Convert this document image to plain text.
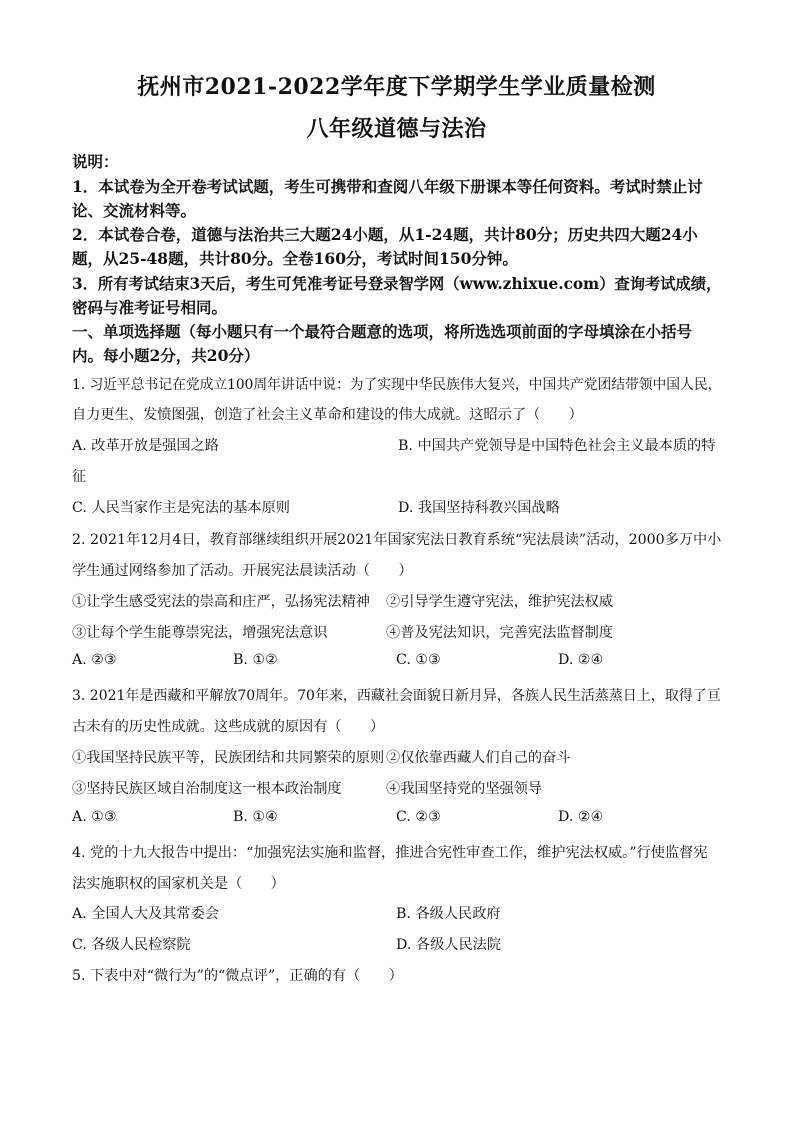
抚州市2021-2022学年度下学期学生学业质量检测
八年级道德与法治
说明：
1．本试卷为全开卷考试试题，考生可携带和查阅八年级下册课本等任何资料。考试时禁止讨
论、交流材料等。
2．本试卷合卷，道德与法治共三大题24小题，从1-24题，共计80分；历史共四大题24小
题，从25-48题，共计80分。全卷160分，考试时间150分钟。
3．所有考试结束3天后，考生可凭准考证号登录智学网（www.zhixue.com）查询考试成绩，
密码与准考证号相同。
一、单项选择题（每小题只有一个最符合题意的选项，将所选选项前面的字母填涂在小括号
内。每小题2分，共20分）
1. 习近平总书记在党成立100周年讲话中说：为了实现中华民族伟大复兴，中国共产党团结带领中国人民，
自力更生、发愤图强，创造了社会主义革命和建设的伟大成就。这昭示了（　　）
A. 改革开放是强国之路	B. 中国共产党领导是中国特色社会主义最本质的特
征
C. 人民当家作主是宪法的基本原则	D. 我国坚持科教兴国战略
2. 2021年12月4日，教育部继续组织开展2021年国家宪法日教育系统“宪法晨读”活动，2000多万中小
学生通过网络参加了活动。开展宪法晨读活动（　　）
①让学生感受宪法的崇高和庄严，弘扬宪法精神 ②引导学生遵守宪法，维护宪法权威
③让每个学生能尊崇宪法，增强宪法意识	④普及宪法知识，完善宪法监督制度
A. ②③	B. ①②	C. ①③	D. ②④
3. 2021年是西藏和平解放70周年。70年来，西藏社会面貌日新月异，各族人民生活蒸蒸日上，取得了亘
古未有的历史性成就。这些成就的原因有（　　）
①我国坚持民族平等，民族团结和共同繁荣的原则 ②仅依靠西藏人们自己的奋斗
③坚持民族区域自治制度这一根本政治制度	④我国坚持党的坚强领导
A. ①③	B. ①④	C. ②③	D. ②④
4. 党的十九大报告中提出：“加强宪法实施和监督，推进合宪性审查工作，维护宪法权威。”行使监督宪
法实施职权的国家机关是（　　）
A. 全国人大及其常委会	B. 各级人民政府
C. 各级人民检察院	D. 各级人民法院
5. 下表中对“微行为”的“微点评”，正确的有（　　）
